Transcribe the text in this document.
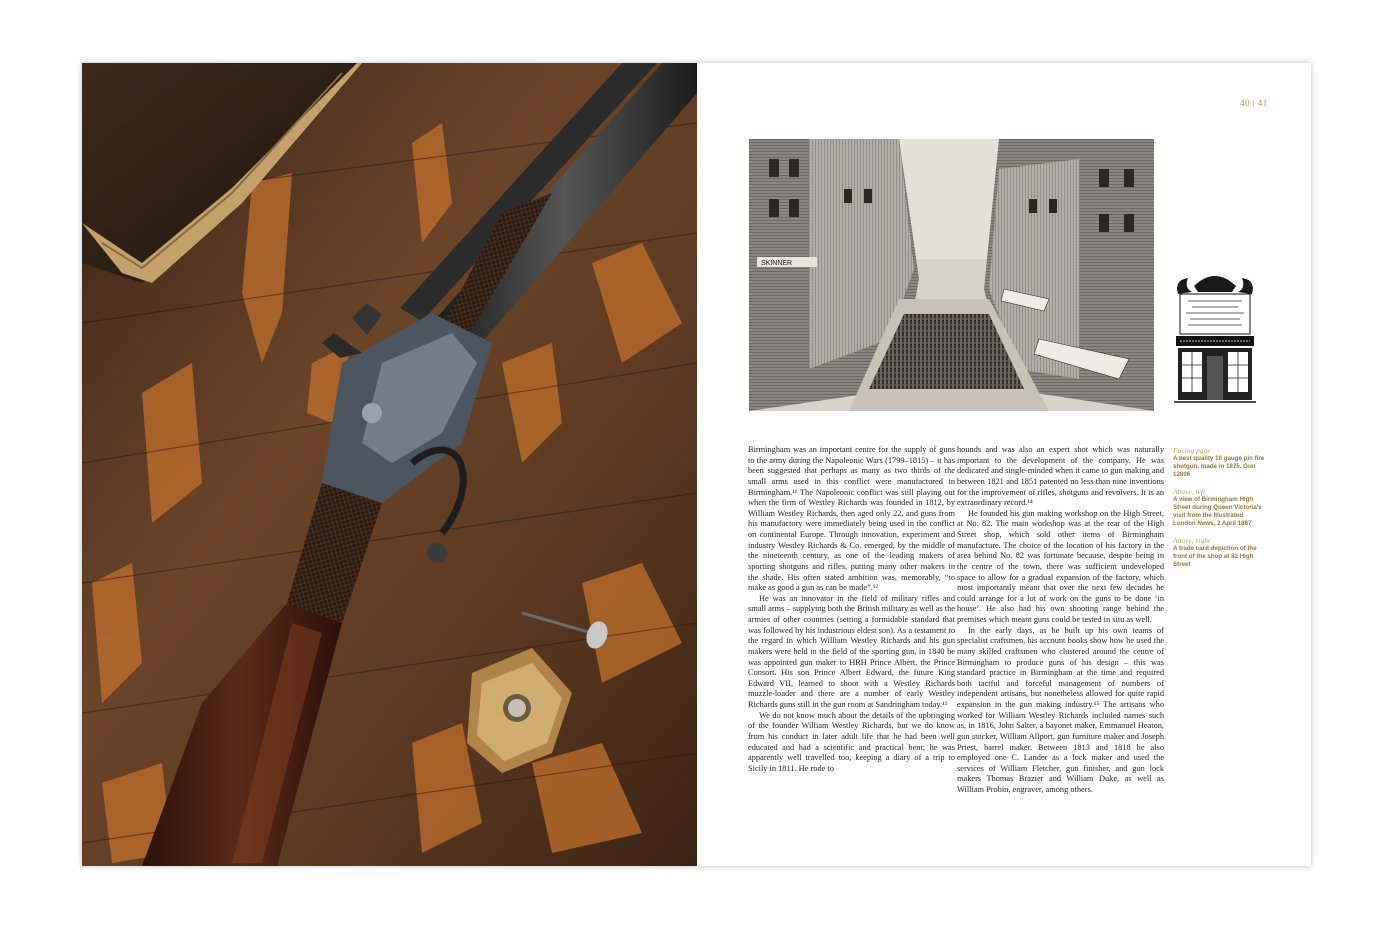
40 | 41
SKINNER

Birmingham was an important centre for the supply of guns to the army during the Napoleonic Wars (1799–1815) – it has been suggested that perhaps as many as two thirds of the small arms used in this conflict were manufactured in Birmingham.¹¹ The Napoleonic conflict was still playing out when the firm of Westley Richards was founded in 1812, by William Westley Richards, then aged only 22, and guns from his manufactory were immediately being used in the conflict on continental Europe. Through innovation, experiment and industry Westley Richards & Co. emerged, by the middle of the nineteenth century, as one of the leading makers of sporting shotguns and rifles, putting many other makers in the shade. His often stated ambition was, memorably, “to make as good a gun as can be made”.¹²

He was an innovator in the field of military rifles and small arms – supplying both the British military as well as the armies of other countries (setting a formidable standard that was followed by his industrious eldest son). As a testament to the regard in which William Westley Richards and his gun makers were held in the field of the sporting gun, in 1840 he was appointed gun maker to HRH Prince Albert, the Prince Consort. His son Prince Albert Edward, the future King Edward VII, learned to shoot with a Westley Richards muzzle-loader and there are a number of early Westley Richards guns still in the gun room at Sandringham today.¹³

We do not know much about the details of the upbringing of the founder William Westley Richards, but we do know from his conduct in later adult life that he had been well educated and had a scientific and practical bent; he was apparently well travelled too, keeping a diary of a trip to Sicily in 1811. He rode to

hounds and was also an expert shot which was naturally important to the development of the company. He was dedicated and single-minded when it came to gun making and between 1821 and 1851 patented no less than nine inventions for the improvement of rifles, shotguns and revolvers. It is an extraordinary record.¹⁴

He founded his gun making workshop on the High Street, at No. 82. The main workshop was at the rear of the High Street shop, which sold other items of Birmingham manufacture. The choice of the location of his factory in the area behind No. 82 was fortunate because, despite being in the centre of the town, there was sufficient undeveloped space to allow for a gradual expansion of the factory, which most importantly meant that over the next few decades he could arrange for a lot of work on the guns to be done ‘in house’. He also had his own shooting range behind the premises which meant guns could be tested in situ as well.

In the early days, as he built up his own teams of specialist craftsmen, his account books show how he used the many skilled craftsmen who clustered around the centre of Birmingham to produce guns of his design – this was standard practice in Birmingham at the time and required both tactful and forceful management of numbers of independent artisans, but nonetheless allowed for quite rapid expansion in the gun making industry.¹⁵ The artisans who worked for William Westley Richards included names such as, in 1816, John Salter, a bayonet maker, Emmanuel Heaton, gun stocker, William Allport, gun furniture maker and Joseph Priest, barrel maker. Between 1813 and 1818 he also employed one C. Lander as a lock maker and used the services of William Fletcher, gun finisher, and gun lock makers Thomas Brazier and William Duke, as well as William Probin, engraver, among others.

Facing page
A best quality 10 gauge pin fire shotgun, made in 1875. Gun 12806
Above, left
A view of Birmingham High Street during Queen Victoria’s visit from the Illustrated London News, 2 April 1887
Above, right
A trade card depiction of the front of the shop at 82 High Street
